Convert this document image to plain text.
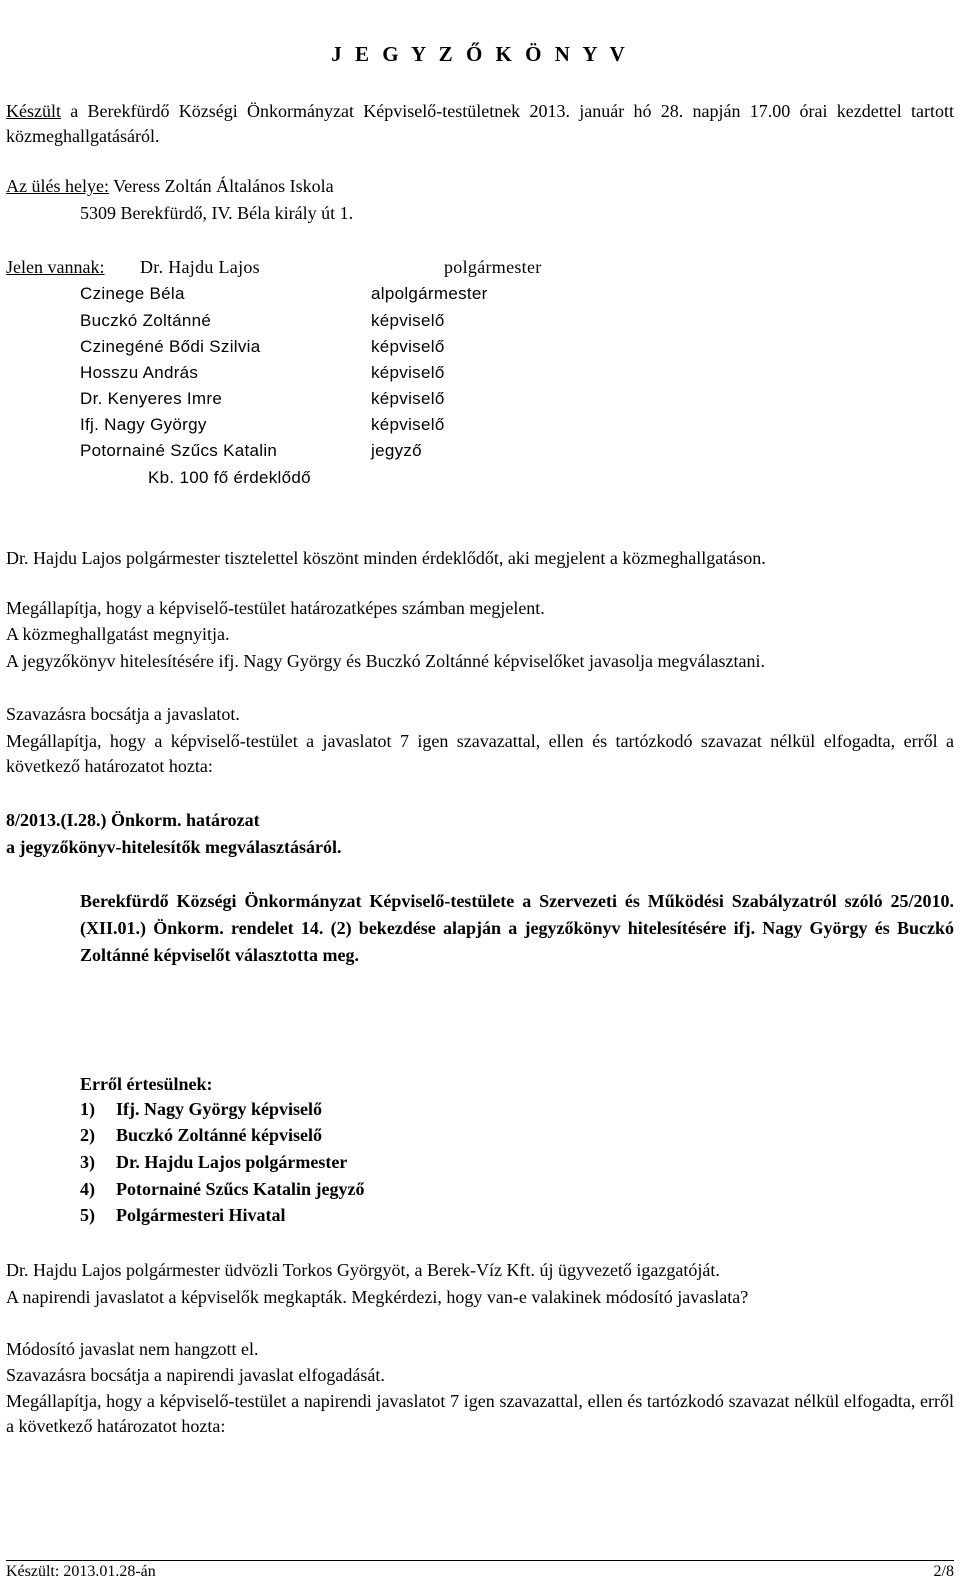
J E G Y Z Ő K Ö N Y V
Készült a Berekfürdő Községi Önkormányzat Képviselő-testületnek 2013. január hó 28. napján 17.00 órai kezdettel tartott közmeghallgatásáról.
Az ülés helye: Veress Zoltán Általános Iskola
5309 Berekfürdő, IV. Béla király út 1.
Jelen vannak: Dr. Hajdu Lajos	polgármester
Czinege Béla	alpolgármester
Buczkó Zoltánné	képviselő
Czinegéné Bődi Szilvia	képviselő
Hosszu András	képviselő
Dr. Kenyeres Imre	képviselő
Ifj. Nagy György	képviselő
Potornainé Szűcs Katalin	jegyző
Kb. 100 fő érdeklődő
Dr. Hajdu Lajos polgármester tisztelettel köszönt minden érdeklődőt, aki megjelent a közmeghallgatáson.
Megállapítja, hogy a képviselő-testület határozatképes számban megjelent.
A közmeghallgatást megnyitja.
A jegyzőkönyv hitelesítésére ifj. Nagy György és Buczkó Zoltánné képviselőket javasolja megválasztani.
Szavazásra bocsátja a javaslatot.
Megállapítja, hogy a képviselő-testület a javaslatot 7 igen szavazattal, ellen és tartózkodó szavazat nélkül elfogadta, erről a következő határozatot hozta:
8/2013.(I.28.) Önkorm. határozat
a jegyzőkönyv-hitelesítők megválasztásáról.
Berekfürdő Községi Önkormányzat Képviselő-testülete a Szervezeti és Működési Szabályzatról szóló 25/2010.(XII.01.) Önkorm. rendelet 14. (2) bekezdése alapján a jegyzőkönyv hitelesítésére ifj. Nagy György és Buczkó Zoltánné képviselőt választotta meg.
Erről értesülnek:
1) Ifj. Nagy György képviselő
2) Buczkó Zoltánné képviselő
3) Dr. Hajdu Lajos polgármester
4) Potornainé Szűcs Katalin jegyző
5) Polgármesteri Hivatal
Dr. Hajdu Lajos polgármester üdvözli Torkos Györgyöt, a Berek-Víz Kft. új ügyvezető igazgatóját.
A napirendi javaslatot a képviselők megkapták. Megkérdezi, hogy van-e valakinek módosító javaslata?
Módosító javaslat nem hangzott el.
Szavazásra bocsátja a napirendi javaslat elfogadását.
Megállapítja, hogy a képviselő-testület a napirendi javaslatot 7 igen szavazattal, ellen és tartózkodó szavazat nélkül elfogadta, erről a következő határozatot hozta:
Készült: 2013.01.28-án	2/8
